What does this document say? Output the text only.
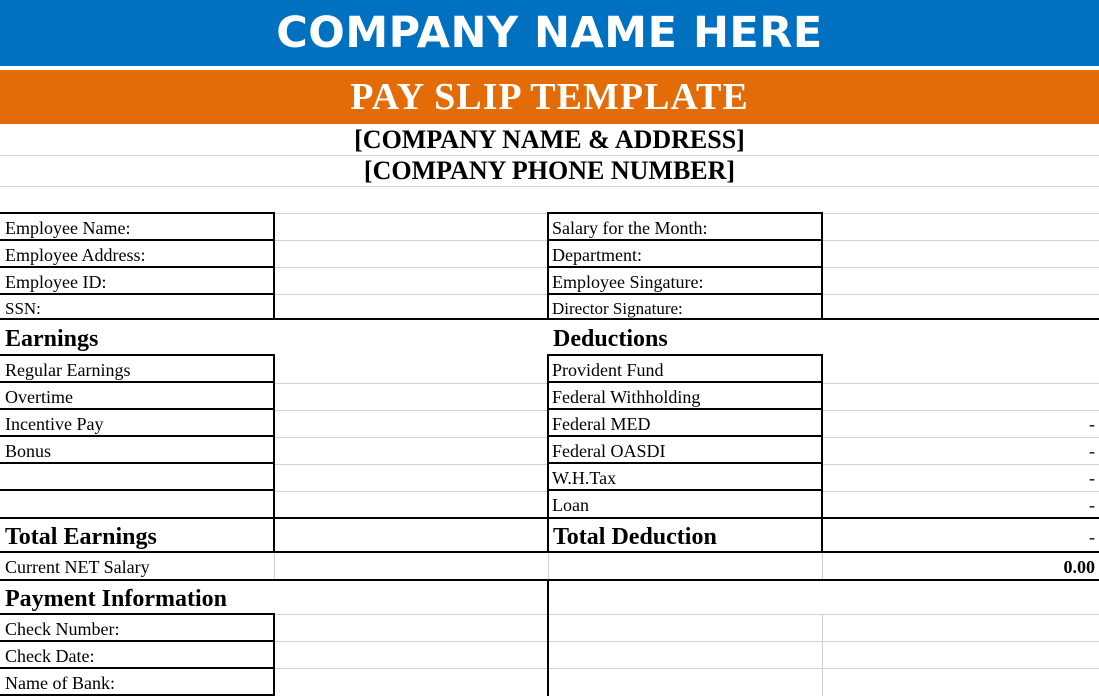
COMPANY NAME HERE
PAY SLIP TEMPLATE
[COMPANY NAME & ADDRESS]
[COMPANY PHONE NUMBER]
Employee Name:
Employee Address:
Employee ID:
SSN:
Salary for the Month:
Department:
Employee Singature:
Director Signature:
Earnings
Regular Earnings
Overtime
Incentive Pay
Bonus
Total Earnings
Deductions
Provident Fund
Federal Withholding
Federal MED
Federal OASDI
W.H.Tax
Loan
Total Deduction
-
-
-
-
-
Current NET Salary	0.00
Payment Information
Check Number:
Check Date:
Name of Bank:
